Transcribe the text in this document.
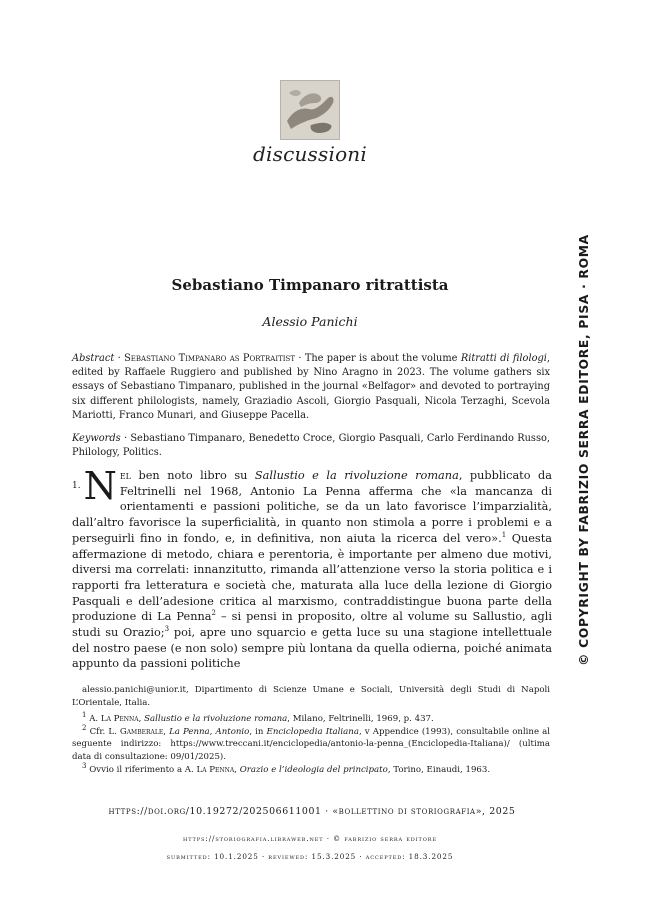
discussioni
Sebastiano Timpanaro ritrattista
Alessio Panichi
Abstract · Sebastiano Timpanaro as Portraitist · The paper is about the volume Ritratti di filologi, edited by Raffaele Ruggiero and published by Nino Aragno in 2023. The volume gathers six essays of Sebastiano Timpanaro, published in the journal «Belfagor» and devoted to portraying six different philologists, namely, Graziadio Ascoli, Giorgio Pasquali, Nicola Terzaghi, Scevola Mariotti, Franco Munari, and Giuseppe Pacella.
Keywords · Sebastiano Timpanaro, Benedetto Croce, Giorgio Pasquali, Carlo Ferdinando Russo, Philology, Politics.
$^{1.}$N el ben noto libro su Sallustio e la rivoluzione romana, pubblicato da Feltrinelli nel 1968, Antonio La Penna afferma che «la mancanza di orientamenti e passioni politiche, se da un lato favorisce l’imparzialità, dall’altro favorisce la superficialità, in quanto non stimola a porre i problemi e a perseguirli fino in fondo, e, in definitiva, non aiuta la ricerca del vero».$^1$ Questa affermazione di metodo, chiara e perentoria, è importante per almeno due motivi, diversi ma correlati: innanzitutto, rimanda all’attenzione verso la storia politica e i rapporti fra letteratura e società che, maturata alla luce della lezione di Giorgio Pasquali e dell’adesione critica al marxismo, contraddistingue buona parte della produzione di La Penna$^2$ – si pensi in proposito, oltre al volume su Sallustio, agli studi su Orazio;$^3$ poi, apre uno squarcio e getta luce su una stagione intellettuale del nostro paese (e non solo) sempre più lontana da quella odierna, poiché animata appunto da passioni politiche

alessio.panichi@unior.it, Dipartimento di Scienze Umane e Sociali, Università degli Studi di Napoli L’Orientale, Italia.

$^1$ A. La Penna, Sallustio e la rivoluzione romana, Milano, Feltrinelli, 1969, p. 437.

$^2$ Cfr. L. Gamberale, La Penna, Antonio, in Enciclopedia Italiana, v Appendice (1993), consultabile online al seguente indirizzo: https://www.treccani.it/enciclopedia/antonio-la-penna_(Enciclopedia-Italiana)/ (ultima data di consultazione: 09/01/2025).

$^3$ Ovvio il riferimento a A. La Penna, Orazio e l’ideologia del principato, Torino, Einaudi, 1963.

https://doi.org/10.19272/202506611001 · «bollettino di storiografia», 2025
https://storiografia.libraweb.net · © fabrizio serra editore
submitted: 10.1.2025 · reviewed: 15.3.2025 · accepted: 18.3.2025
© COPYRIGHT BY FABRIZIO SERRA EDITORE, PISA · ROMA
